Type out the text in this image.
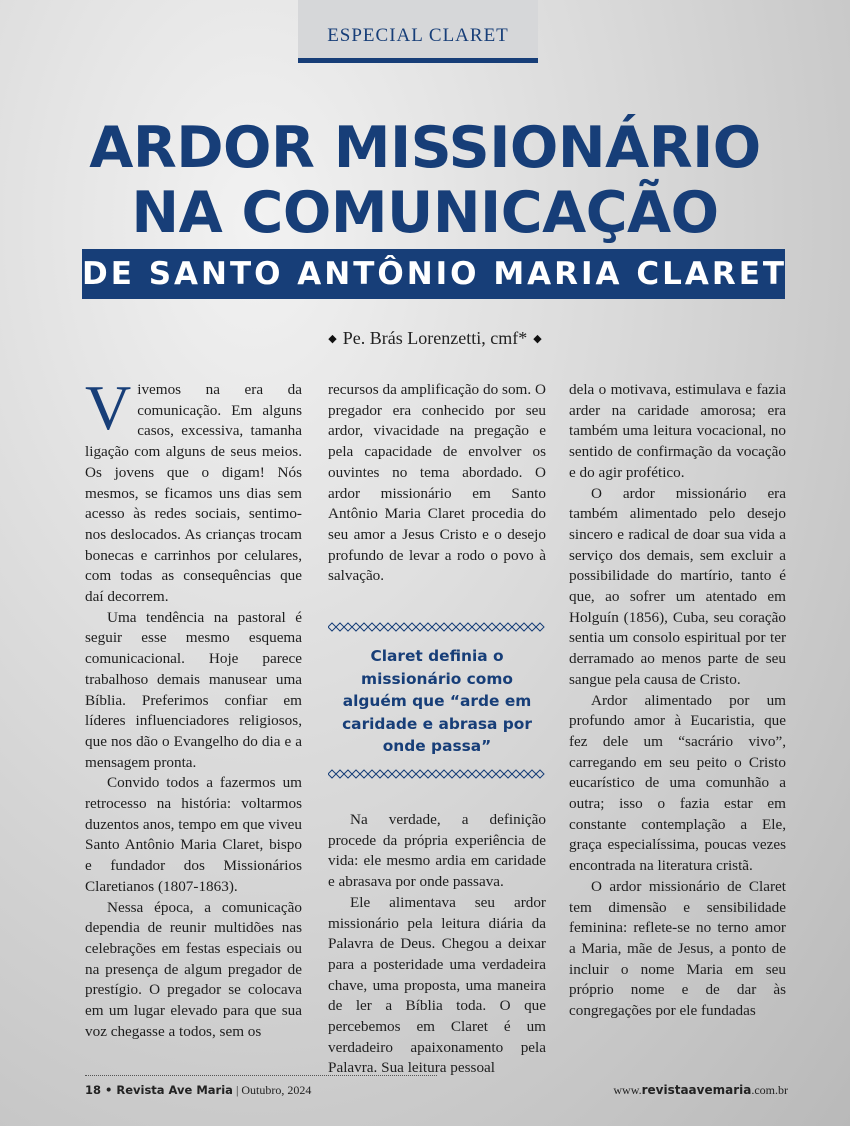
ESPECIAL CLARET
ARDOR MISSIONÁRIO
NA COMUNICAÇÃO
DE SANTO ANTÔNIO MARIA CLARET
◆ Pe. Brás Lorenzetti, cmf* ◆

Vivemos na era da comunicação. Em alguns casos, excessiva, tamanha ligação com alguns de seus meios. Os jovens que o digam! Nós mesmos, se ficamos uns dias sem acesso às redes sociais, sentimo-nos deslocados. As crianças trocam bonecas e carrinhos por celulares, com todas as consequências que daí decorrem.

Uma tendência na pastoral é seguir esse mesmo esquema comunicacional. Hoje parece trabalhoso demais manusear uma Bíblia. Preferimos confiar em líderes influenciadores religiosos, que nos dão o Evangelho do dia e a mensagem pronta.

Convido todos a fazermos um retrocesso na história: voltarmos duzentos anos, tempo em que viveu Santo Antônio Maria Claret, bispo e fundador dos Missionários Claretianos (1807-1863).

Nessa época, a comunicação dependia de reunir multidões nas celebrações em festas especiais ou na presença de algum pregador de prestígio. O pregador se colocava em um lugar elevado para que sua voz chegasse a todos, sem os

recursos da amplificação do som. O pregador era conhecido por seu ardor, vivacidade na pregação e pela capacidade de envolver os ouvintes no tema abordado. O ardor missionário em Santo Antônio Maria Claret procedia do seu amor a Jesus Cristo e o desejo profundo de levar a rodo o povo à salvação.

Claret definia o missionário como alguém que “arde em caridade e abrasa por onde passa”

Na verdade, a definição procede da própria experiência de vida: ele mesmo ardia em caridade e abrasava por onde passava.

Ele alimentava seu ardor missionário pela leitura diária da Palavra de Deus. Chegou a deixar para a posteridade uma verdadeira chave, uma proposta, uma maneira de ler a Bíblia toda. O que percebemos em Claret é um verdadeiro apaixonamento pela Palavra. Sua leitura pessoal

dela o motivava, estimulava e fazia arder na caridade amorosa; era também uma leitura vocacional, no sentido de confirmação da vocação e do agir profético.

O ardor missionário era também alimentado pelo desejo sincero e radical de doar sua vida a serviço dos demais, sem excluir a possibilidade do martírio, tanto é que, ao sofrer um atentado em Holguín (1856), Cuba, seu coração sentia um consolo espiritual por ter derramado ao menos parte de seu sangue pela causa de Cristo.

Ardor alimentado por um profundo amor à Eucaristia, que fez dele um “sacrário vivo”, carregando em seu peito o Cristo eucarístico de uma comunhão a outra; isso o fazia estar em constante contemplação a Ele, graça especialíssima, poucas vezes encontrada na literatura cristã.

O ardor missionário de Claret tem dimensão e sensibilidade feminina: reflete-se no terno amor a Maria, mãe de Jesus, a ponto de incluir o nome Maria em seu próprio nome e de dar às congregações por ele fundadas

18 • Revista Ave Maria | Outubro, 2024	www.revistaavemaria.com.br
